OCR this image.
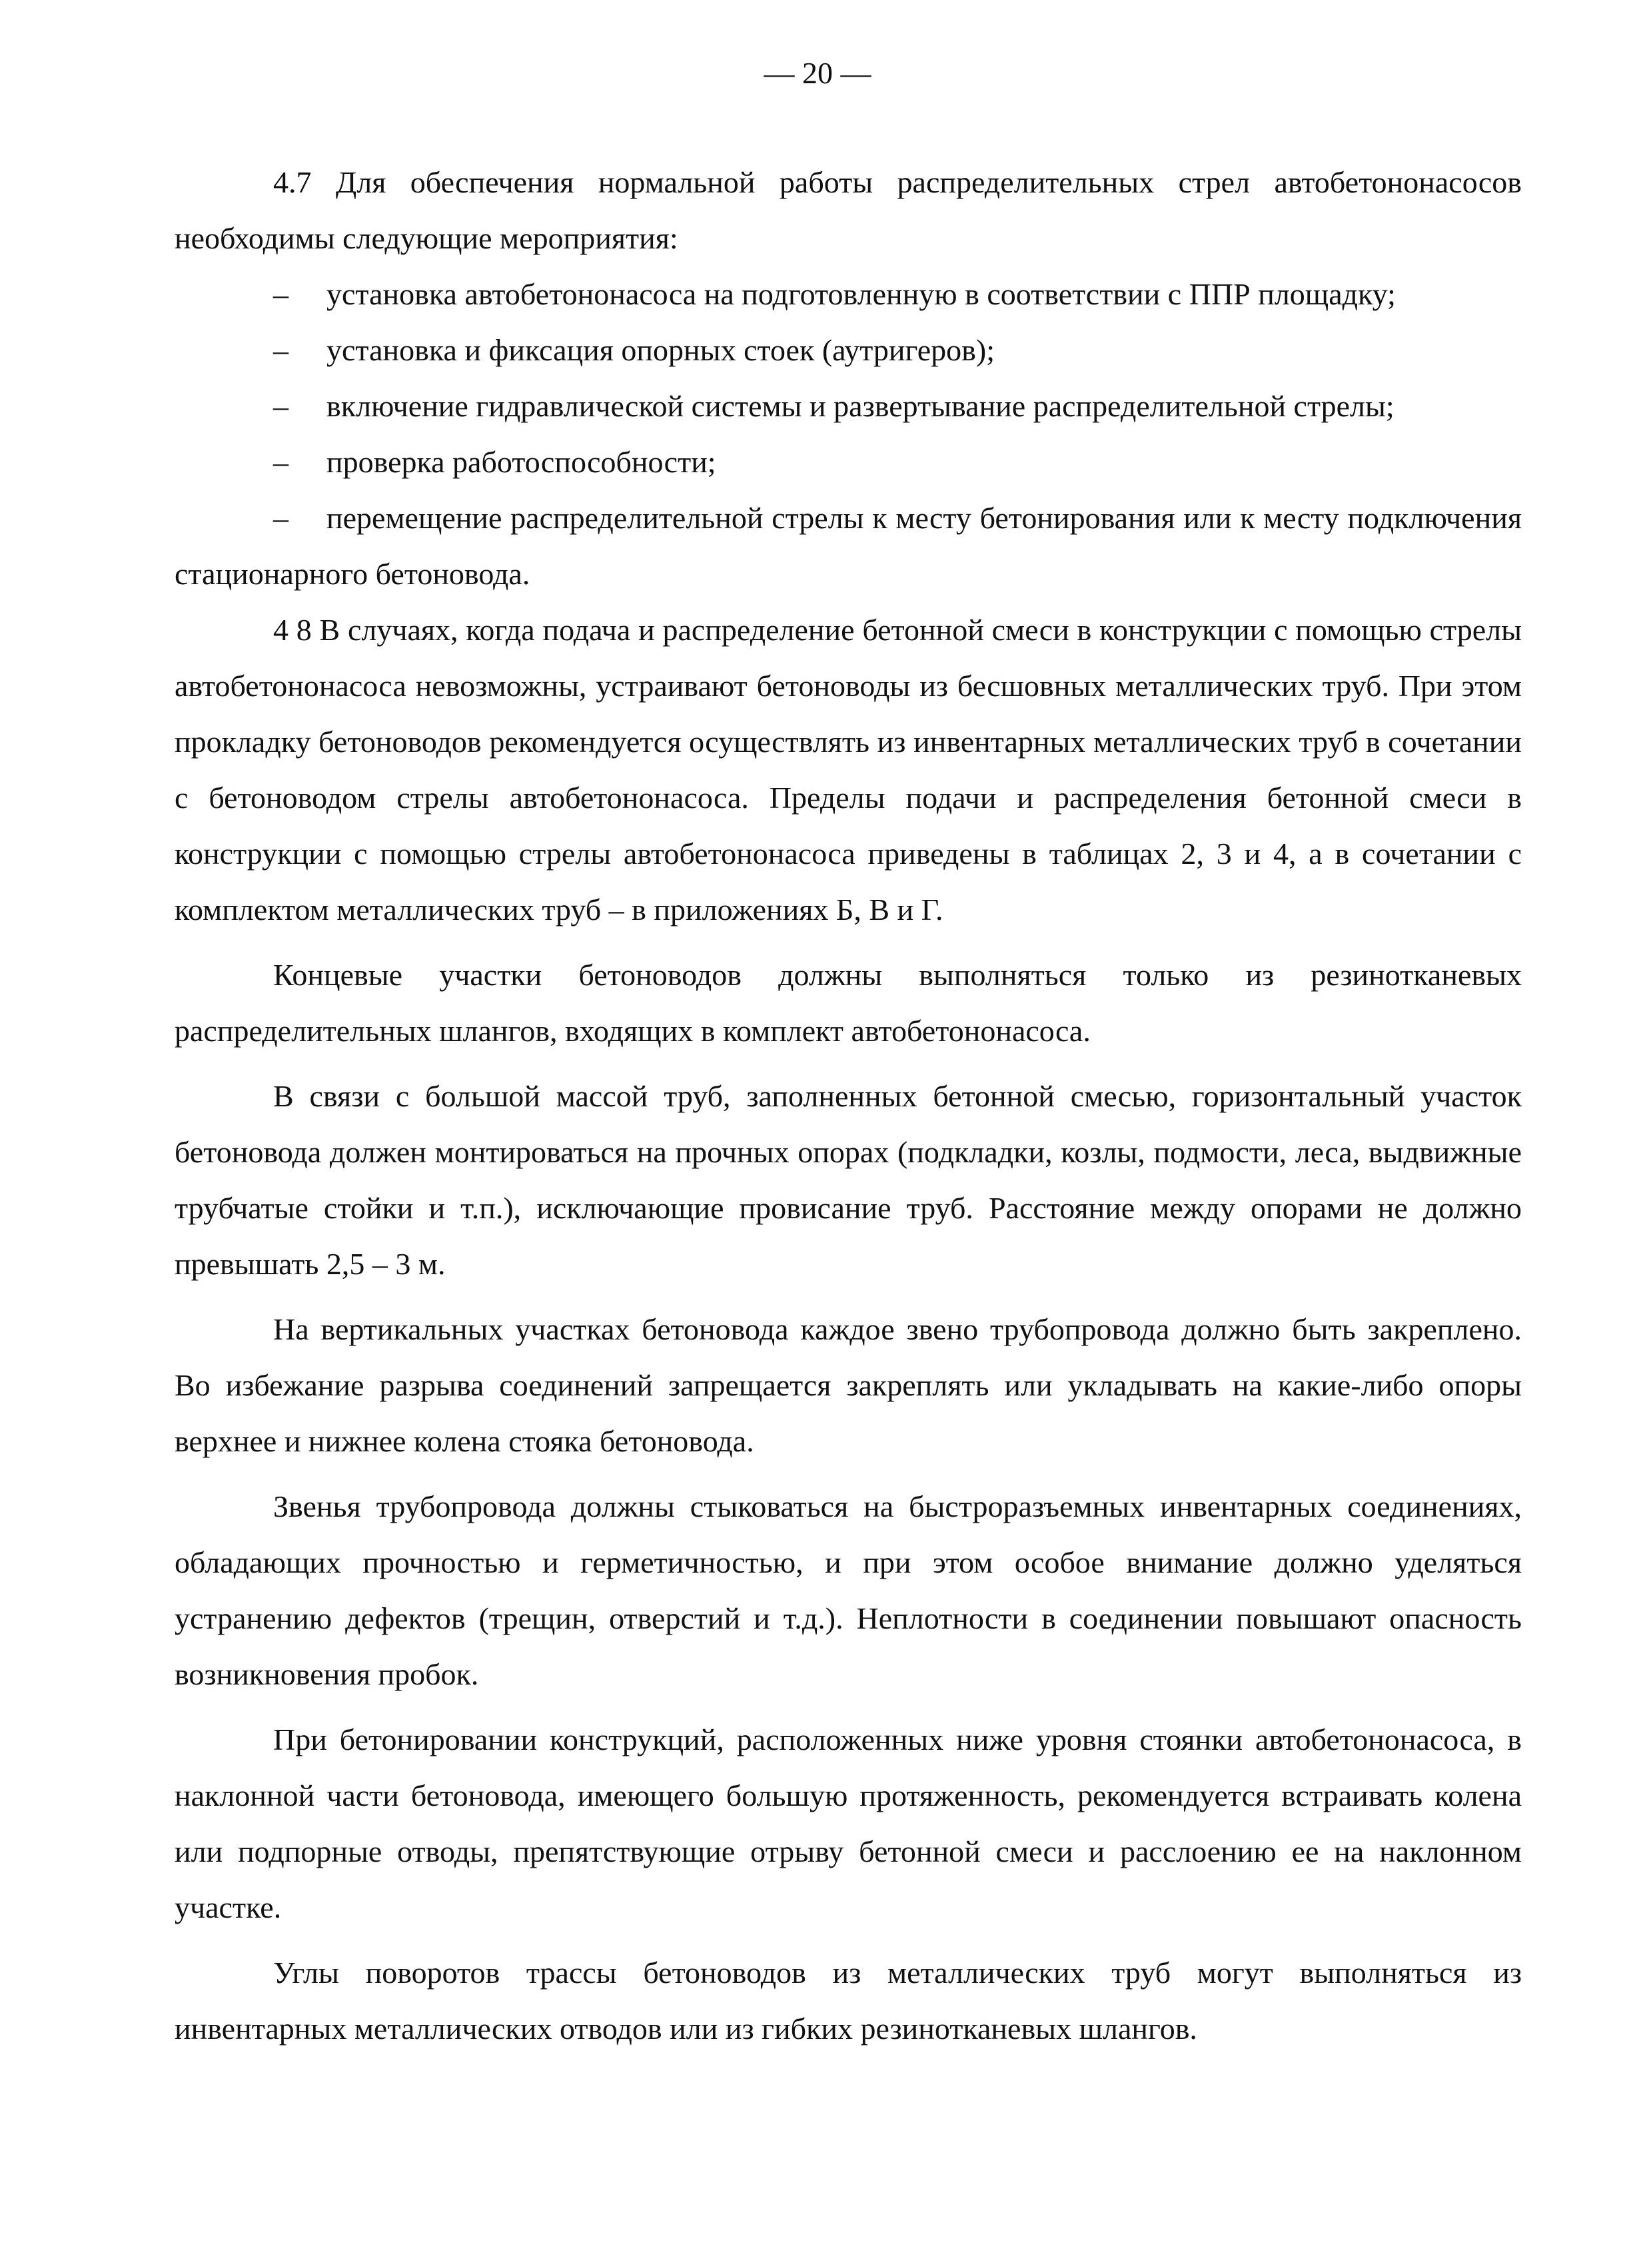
— 20 —

4.7 Для обеспечения нормальной работы распределительных стрел автобетононасосов необходимы следующие мероприятия:

– установка автобетононасоса на подготовленную в соответствии с ППР площадку;
– установка и фиксация опорных стоек (аутригеров);
– включение гидравлической системы и развертывание распределительной стрелы;
– проверка работоспособности;
– перемещение распределительной стрелы к месту бетонирования или к месту подключения стационарного бетоновода.

4 8 В случаях, когда подача и распределение бетонной смеси в конструкции с помощью стрелы автобетононасоса невозможны, устраивают бетоноводы из бесшовных металлических труб. При этом прокладку бетоноводов рекомендуется осуществлять из инвентарных металлических труб в сочетании с бетоноводом стрелы автобетононасоса. Пределы подачи и распределения бетонной смеси в конструкции с помощью стрелы автобетононасоса приведены в таблицах 2, 3 и 4, а в сочетании с комплектом металлических труб – в приложениях Б, В и Г.

Концевые участки бетоноводов должны выполняться только из резинотканевых распределительных шлангов, входящих в комплект автобетононасоса.

В связи с большой массой труб, заполненных бетонной смесью, горизонтальный участок бетоновода должен монтироваться на прочных опорах (подкладки, козлы, подмости, леса, выдвижные трубчатые стойки и т.п.), исключающие провисание труб. Расстояние между опорами не должно превышать 2,5 – 3 м.

На вертикальных участках бетоновода каждое звено трубопровода должно быть закреплено. Во избежание разрыва соединений запрещается закреплять или укладывать на какие-либо опоры верхнее и нижнее колена стояка бетоновода.

Звенья трубопровода должны стыковаться на быстроразъемных инвентарных соединениях, обладающих прочностью и герметичностью, и при этом особое внимание должно уделяться устранению дефектов (трещин, отверстий и т.д.). Неплотности в соединении повышают опасность возникновения пробок.

При бетонировании конструкций, расположенных ниже уровня стоянки автобетононасоса, в наклонной части бетоновода, имеющего большую протяженность, рекомендуется встраивать колена или подпорные отводы, препятствующие отрыву бетонной смеси и расслоению ее на наклонном участке.

Углы поворотов трассы бетоноводов из металлических труб могут выполняться из инвентарных металлических отводов или из гибких резинотканевых шлангов.
